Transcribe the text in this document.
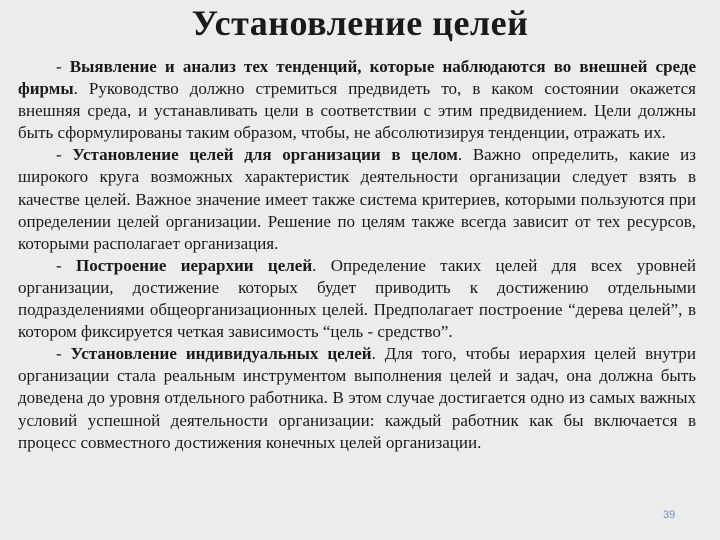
Установление целей

- Выявление и анализ тех тенденций, которые наблюдаются во внешней среде фирмы. Руководство должно стремиться предвидеть то, в каком состоянии окажется внешняя среда, и устанавливать цели в соответствии с этим предвидением. Цели должны быть сформулированы таким образом, чтобы, не абсолютизируя тенденции, отражать их.

- Установление целей для организации в целом. Важно определить, какие из широкого круга возможных характеристик деятельности организации следует взять в качестве целей. Важное значение имеет также система критериев, которыми пользуются при определении целей организации. Решение по целям также всегда зависит от тех ресурсов, которыми располагает организация.

- Построение иерархии целей. Определение таких целей для всех уровней организации, достижение которых будет приводить к достижению отдельными подразделениями общеорганизационных целей. Предполагает построение “дерева целей”, в котором фиксируется четкая зависимость “цель - средство”.

- Установление индивидуальных целей. Для того, чтобы иерархия целей внутри организации стала реальным инструментом выполнения целей и задач, она должна быть доведена до уровня отдельного работника. В этом случае достигается одно из самых важных условий успешной деятельности организации: каждый работник как бы включается в процесс совместного достижения конечных целей организации.

39
